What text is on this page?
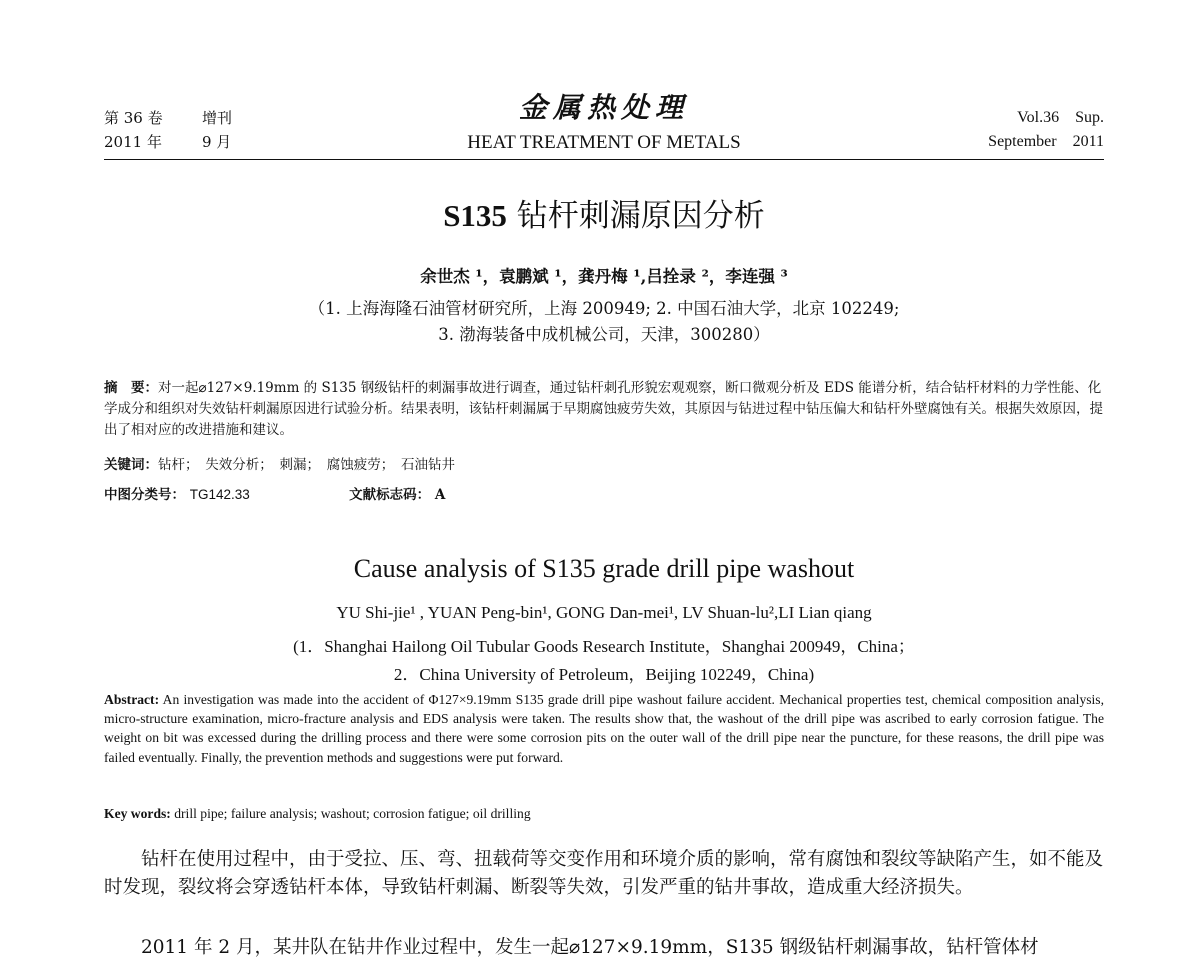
第 36 卷	增刊
2011 年	9 月
金属热处理
HEAT TREATMENT OF METALS
Vol.36 Sup.
September 2011
S135 钻杆刺漏原因分析
余世杰 ¹，袁鹏斌 ¹，龚丹梅 ¹,吕拴录 ²，李连强 ³
（1. 上海海隆石油管材研究所，上海 200949; 2. 中国石油大学，北京 102249;
3. 渤海装备中成机械公司，天津，300280）
摘　要：对一起⌀127×9.19mm 的 S135 钢级钻杆的刺漏事故进行调查，通过钻杆刺孔形貌宏观观察，断口微观分析及 EDS 能谱分析，结合钻杆材料的力学性能、化学成分和组织对失效钻杆刺漏原因进行试验分析。结果表明，该钻杆刺漏属于早期腐蚀疲劳失效，其原因与钻进过程中钻压偏大和钻杆外壁腐蚀有关。根据失效原因，提出了相对应的改进措施和建议。
关键词：钻杆；　失效分析；　刺漏；　腐蚀疲劳；　石油钻井
中图分类号： TG142.33	文献标志码： A
Cause analysis of S135 grade drill pipe washout
YU Shi-jie¹ , YUAN Peng-bin¹, GONG Dan-mei¹, LV Shuan-lu²,LI Lian qiang
(1．Shanghai Hailong Oil Tubular Goods Research Institute，Shanghai 200949，China；
2．China University of Petroleum，Beijing 102249，China)
Abstract: An investigation was made into the accident of Φ127×9.19mm S135 grade drill pipe washout failure accident. Mechanical properties test, chemical composition analysis, micro-structure examination, micro-fracture analysis and EDS analysis were taken. The results show that, the washout of the drill pipe was ascribed to early corrosion fatigue. The weight on bit was excessed during the drilling process and there were some corrosion pits on the outer wall of the drill pipe near the puncture, for these reasons, the drill pipe was failed eventually. Finally, the prevention methods and suggestions were put forward.
Key words: drill pipe; failure analysis; washout; corrosion fatigue; oil drilling
钻杆在使用过程中，由于受拉、压、弯、扭载荷等交变作用和环境介质的影响，常有腐蚀和裂纹等缺陷产生，如不能及时发现，裂纹将会穿透钻杆本体，导致钻杆刺漏、断裂等失效，引发严重的钻井事故，造成重大经济损失。
2011 年 2 月，某井队在钻井作业过程中，发生一起⌀127×9.19mm，S135 钢级钻杆刺漏事故，钻杆管体材
